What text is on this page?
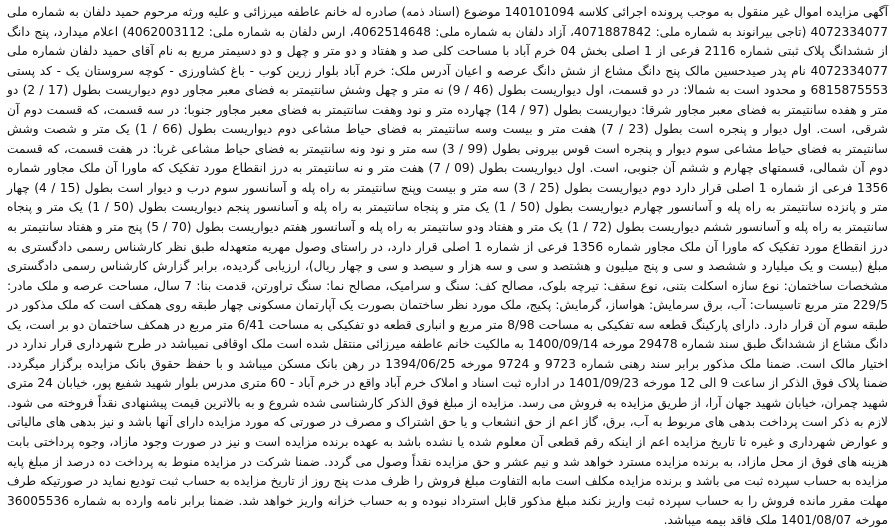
آگهی مزایده اموال غیر منقول به موجب پرونده اجرائی کلاسه 140101094 موضوع (اسناد ذمه) صادره له خانم عاطفه میرزائی و علیه ورثه مرحوم حمید دلفان به شماره ملی 4072334077 (تاجی بیرانوند به شماره ملی: 4071887842، آزاد دلفان به شماره ملی: 4062514648، ارس دلفان به شماره ملی: 4062003112) اعلام میدارد، پنج دانگ از ششدانگ پلاک ثبتی شماره 2116 فرعی از 1 اصلی بخش 04 خرم آباد با مساحت کلی صد و هفتاد و دو متر و چهل و دو دسیمتر مربع به نام آقای حمید دلفان شماره ملی 4072334077 نام پدر صیدحسین مالک پنج دانگ مشاع از شش دانگ عرصه و اعیان آدرس ملک: خرم آباد بلوار زرین کوب - باغ کشاورزی - کوچه سروستان یک - کد پستی 6815875553 و محدود است به شمالا: در دو قسمت، اول دیواریست بطول (46 / 9) نه متر و چهل وشش سانتیمتر به فضای معبر مجاور دوم دیواریست بطول (17 / 2) دو متر و هفده سانتیمتر به فضای معبر مجاور شرقا: دیواریست بطول (97 / 14) چهارده متر و نود وهفت سانتیمتر به فضای معبر مجاور جنوبا: در سه قسمت، که قسمت دوم آن شرقی، است. اول دیوار و پنجره است بطول (23 / 7) هفت متر و بیست وسه سانتیمتر به فضای حیاط مشاعی دوم دیواریست بطول (66 / 1) یک متر و شصت وشش سانتیمتر به فضای حیاط مشاعی سوم دیوار و پنجره است قوس بیرونی بطول (99 / 3) سه متر و نود ونه سانتیمتر به فضای حیاط مشاعی غربا: در هفت قسمت، که قسمت دوم آن شمالی، قسمتهای چهارم و ششم آن جنوبی، است. اول دیواریست بطول (09 / 7) هفت متر و نه سانتیمتر به درز انقطاع مورد تفکیک که ماورا آن ملک مجاور شماره 1356 فرعی از شماره 1 اصلی قرار دارد دوم دیواریست بطول (25 / 3) سه متر و بیست وپنج سانتیمتر به راه پله و آسانسور سوم درب و دیوار است بطول (15 / 4) چهار متر و پانزده سانتیمتر به راه پله و آسانسور چهارم دیواریست بطول (50 / 1) یک متر و پنجاه سانتیمتر به راه پله و آسانسور پنجم دیواریست بطول (50 / 1) یک متر و پنجاه سانتیمتر به راه پله و آسانسور ششم دیواریست بطول (72 / 1) یک متر و هفتاد ودو سانتیمتر به راه پله و آسانسور هفتم دیواریست بطول (70 / 5) پنج متر و هفتاد سانتیمتر به درز انقطاع مورد تفکیک که ماورا آن ملک مجاور شماره 1356 فرعی از شماره 1 اصلی قرار دارد، در راستای وصول مهریه متعهدله طبق نظر کارشناس رسمی دادگستری به مبلغ (بیست و یک میلیارد و ششصد و سی و پنج میلیون و هشتصد و سی و سه هزار و سیصد و سی و چهار ریال)، ارزیابی گردیده، برابر گزارش کارشناس رسمی دادگستری مشخصات ساختمان: نوع سازه اسکلت بتنی، نوع سقف: تیرچه بلوک، مصالح کف: سنگ و سرامیک، مصالح نما: سنگ تراورتن، قدمت بنا: 7 سال، مساحت عرصه و ملک مادر: 229/5 متر مربع تاسیسات: آب، برق سرمایش: هواساز، گرمایش: پکیج، ملک مورد نظر ساختمان بصورت یک آپارتمان مسکونی چهار طبقه روی همکف است که ملک مذکور در طبقه سوم آن قرار دارد. دارای پارکینگ قطعه سه تفکیکی به مساحت 8/98 متر مربع و انباری قطعه دو تفکیکی به مساحت 6/41 متر مربع در همکف ساختمان دو بر است، یک دانگ مشاع از ششدانگ طبق سند شماره 29478 مورخه 1400/09/14 به مالکیت خانم عاطفه میرزائی منتقل شده است ملک اوقافی نمیباشد در طرح شهرداری قرار ندارد در اختیار مالک است. ضمنا ملک مذکور برابر سند رهنی شماره 9723 و 9724 مورخه 1394/06/25 در رهن بانک مسکن میباشد و با حفظ حقوق بانک مزایده برگزار میگردد. ضمنا پلاک فوق الذکر از ساعت 9 الی 12 مورخه 1401/09/23 در اداره ثبت اسناد و املاک خرم آباد واقع در خرم آباد - 60 متری مدرس بلوار شهید شفیع پور، خیابان 24 متری شهید چمران، خیابان شهید جهان آرا، از طریق مزایده به فروش می رسد. مزایده از مبلغ فوق الذکر کارشناسی شده شروع و به بالاترین قیمت پیشنهادی نقداً فروخته می شود. لازم به ذکر است پرداخت بدهی های مربوط به آب، برق، گاز اعم از حق انشعاب و یا حق اشتراک و مصرف در صورتی که مورد مزایده دارای آنها باشد و نیز بدهی های مالیاتی و عوارض شهرداری و غیره تا تاریخ مزایده اعم از اینکه رقم قطعی آن معلوم شده یا نشده باشد به عهده برنده مزایده است و نیز در صورت وجود مازاد، وجوه پرداختی بابت هزینه های فوق از محل مازاد، به برنده مزایده مسترد خواهد شد و نیم عشر و حق مزایده نقداً وصول می گردد. ضمنا شرکت در مزایده منوط به پرداخت ده درصد از مبلغ پایه مزایده به حساب سپرده ثبت می باشد و برنده مزایده مکلف است مابه التفاوت مبلغ فروش را ظرف مدت پنج روز از تاریخ مزایده به حساب ثبت تودیع نماید در صورتیکه طرف مهلت مقرر مانده فروش را به حساب سپرده ثبت واریز نکند مبلغ مذکور قابل استرداد نبوده و به حساب خزانه واریز خواهد شد. ضمنا برابر نامه وارده به شماره 36005536 مورخه 1401/08/07 ملک فاقد بیمه میباشد.
